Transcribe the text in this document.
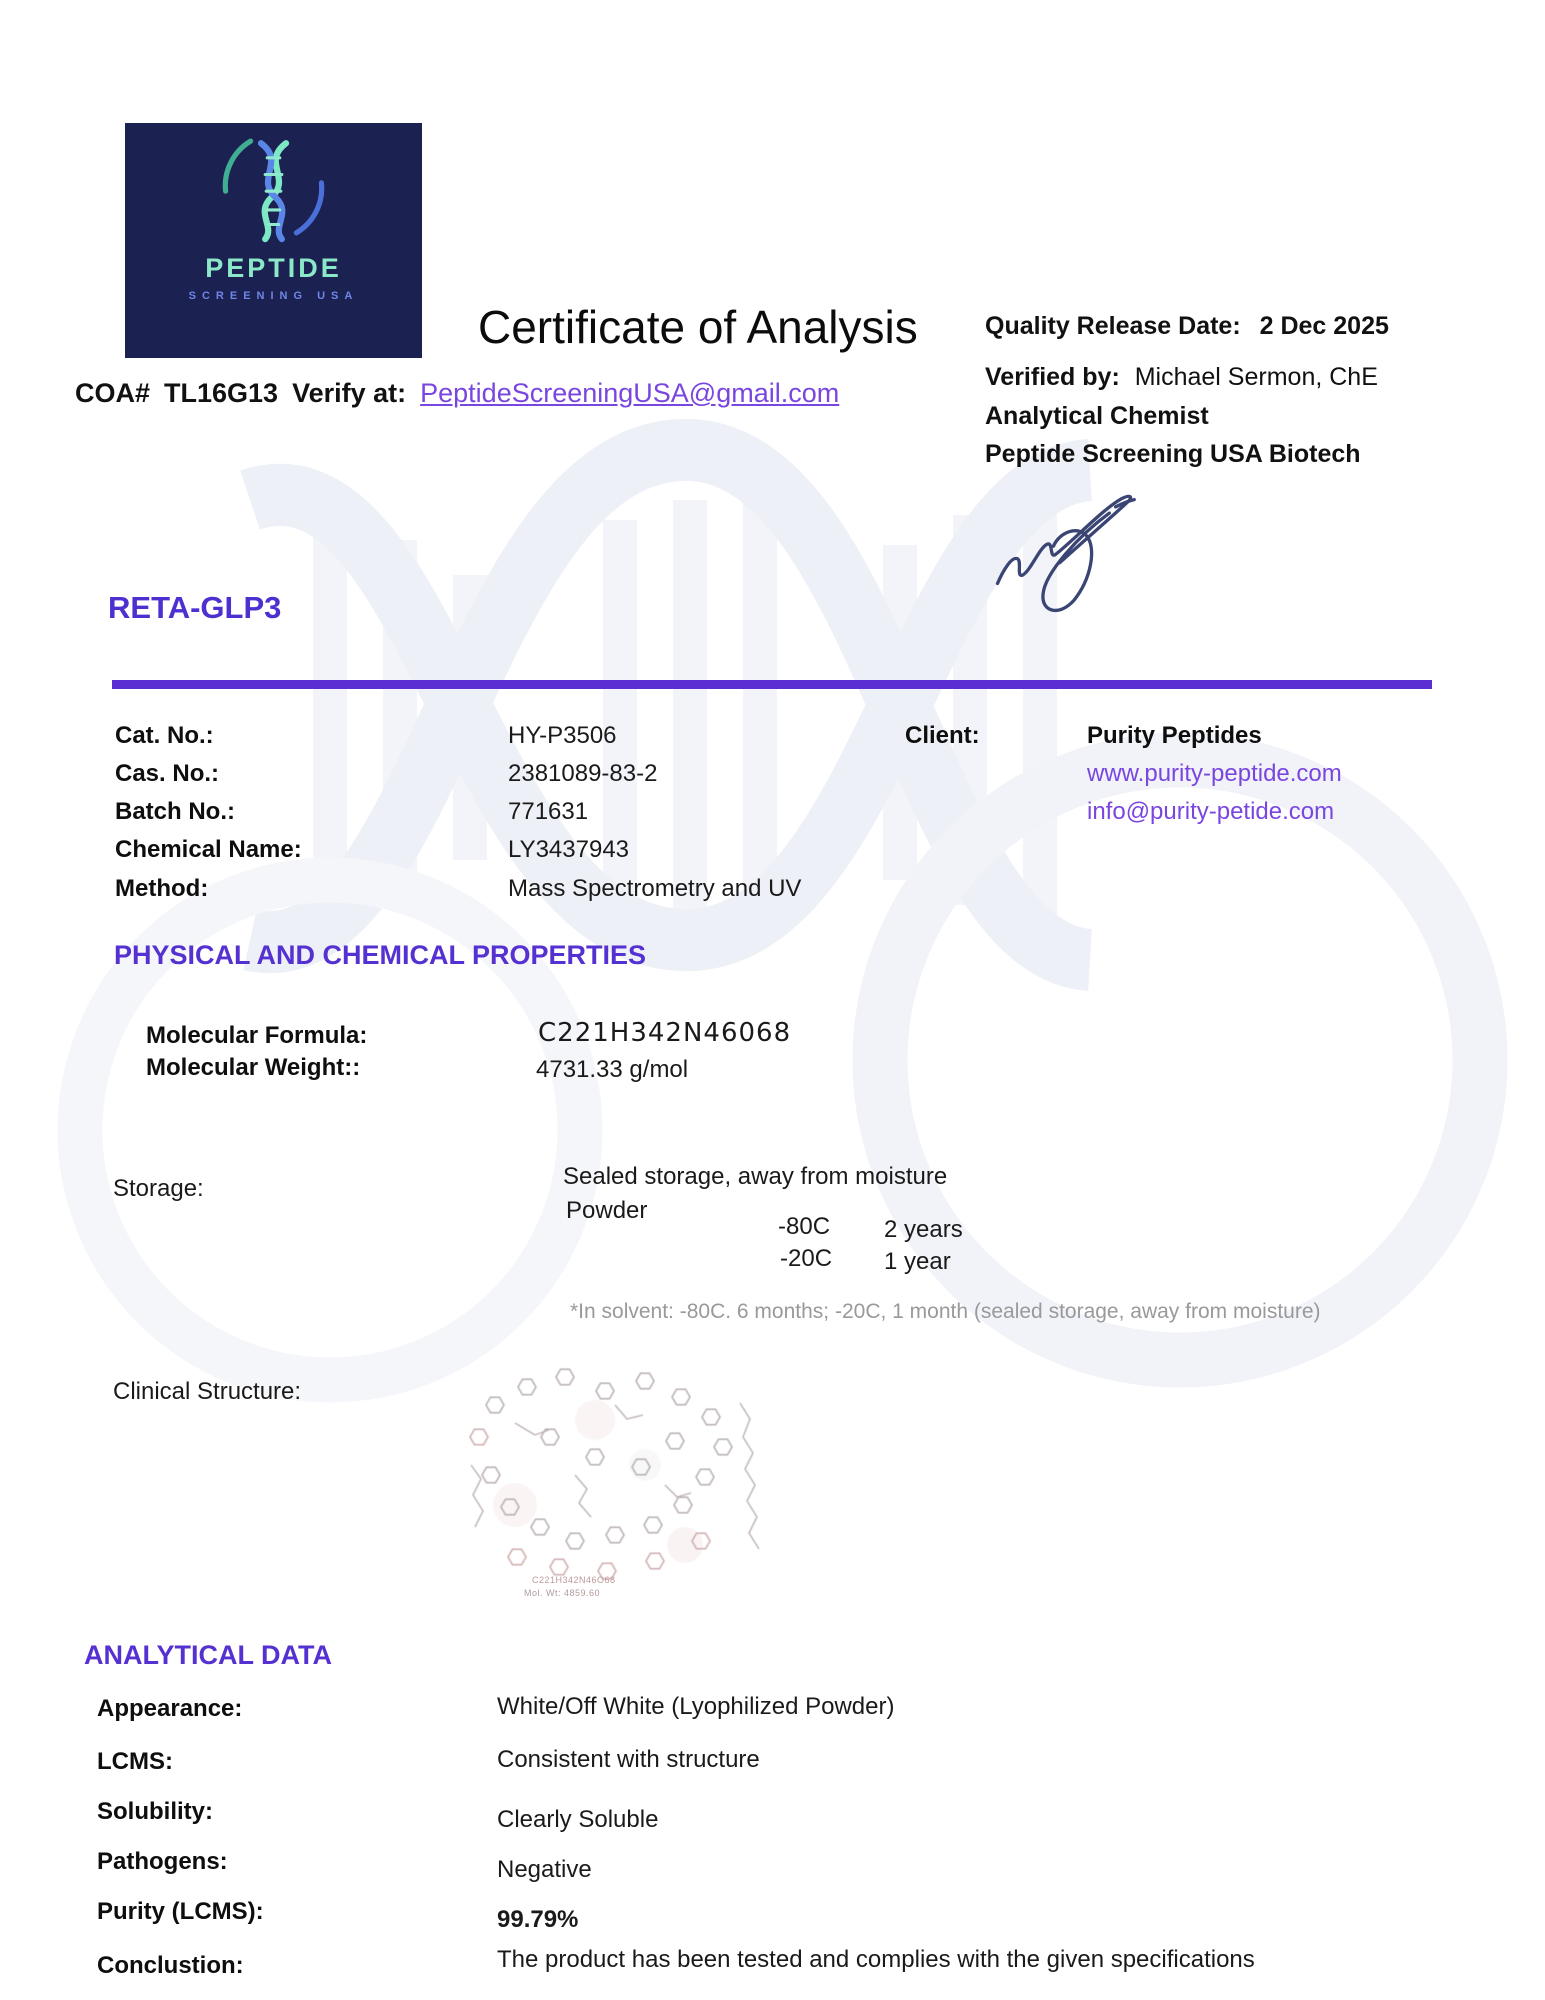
PEPTIDE
SCREENING USA
Certificate of Analysis
COA# TL16G13 Verify at: PeptideScreeningUSA@gmail.com
Quality Release Date: 2 Dec 2025
Verified by: Michael Sermon, ChE
Analytical Chemist
Peptide Screening USA Biotech
RETA-GLP3
Cat. No.:	HY-P3506
Cas. No.:	2381089-83-2
Batch No.:	771631
Chemical Name:	LY3437943
Method:	Mass Spectrometry and UV
Client:	Purity Peptides
www.purity-peptide.com
info@purity-petide.com
PHYSICAL AND CHEMICAL PROPERTIES
Molecular Formula:	C221H342N46068
Molecular Weight::	4731.33 g/mol
Storage:	Sealed storage, away from moisture
Powder
-80C 2 years
-20C 1 year
*In solvent: -80C. 6 months; -20C, 1 month (sealed storage, away from moisture)
Clinical Structure:
C221H342N46O68
Mol. Wt: 4859.60
ANALYTICAL DATA
Appearance:	White/Off White (Lyophilized Powder)
LCMS:	Consistent with structure
Solubility:	Clearly Soluble
Pathogens:	Negative
Purity (LCMS):	99.79%
Conclustion:	The product has been tested and complies with the given specifications
